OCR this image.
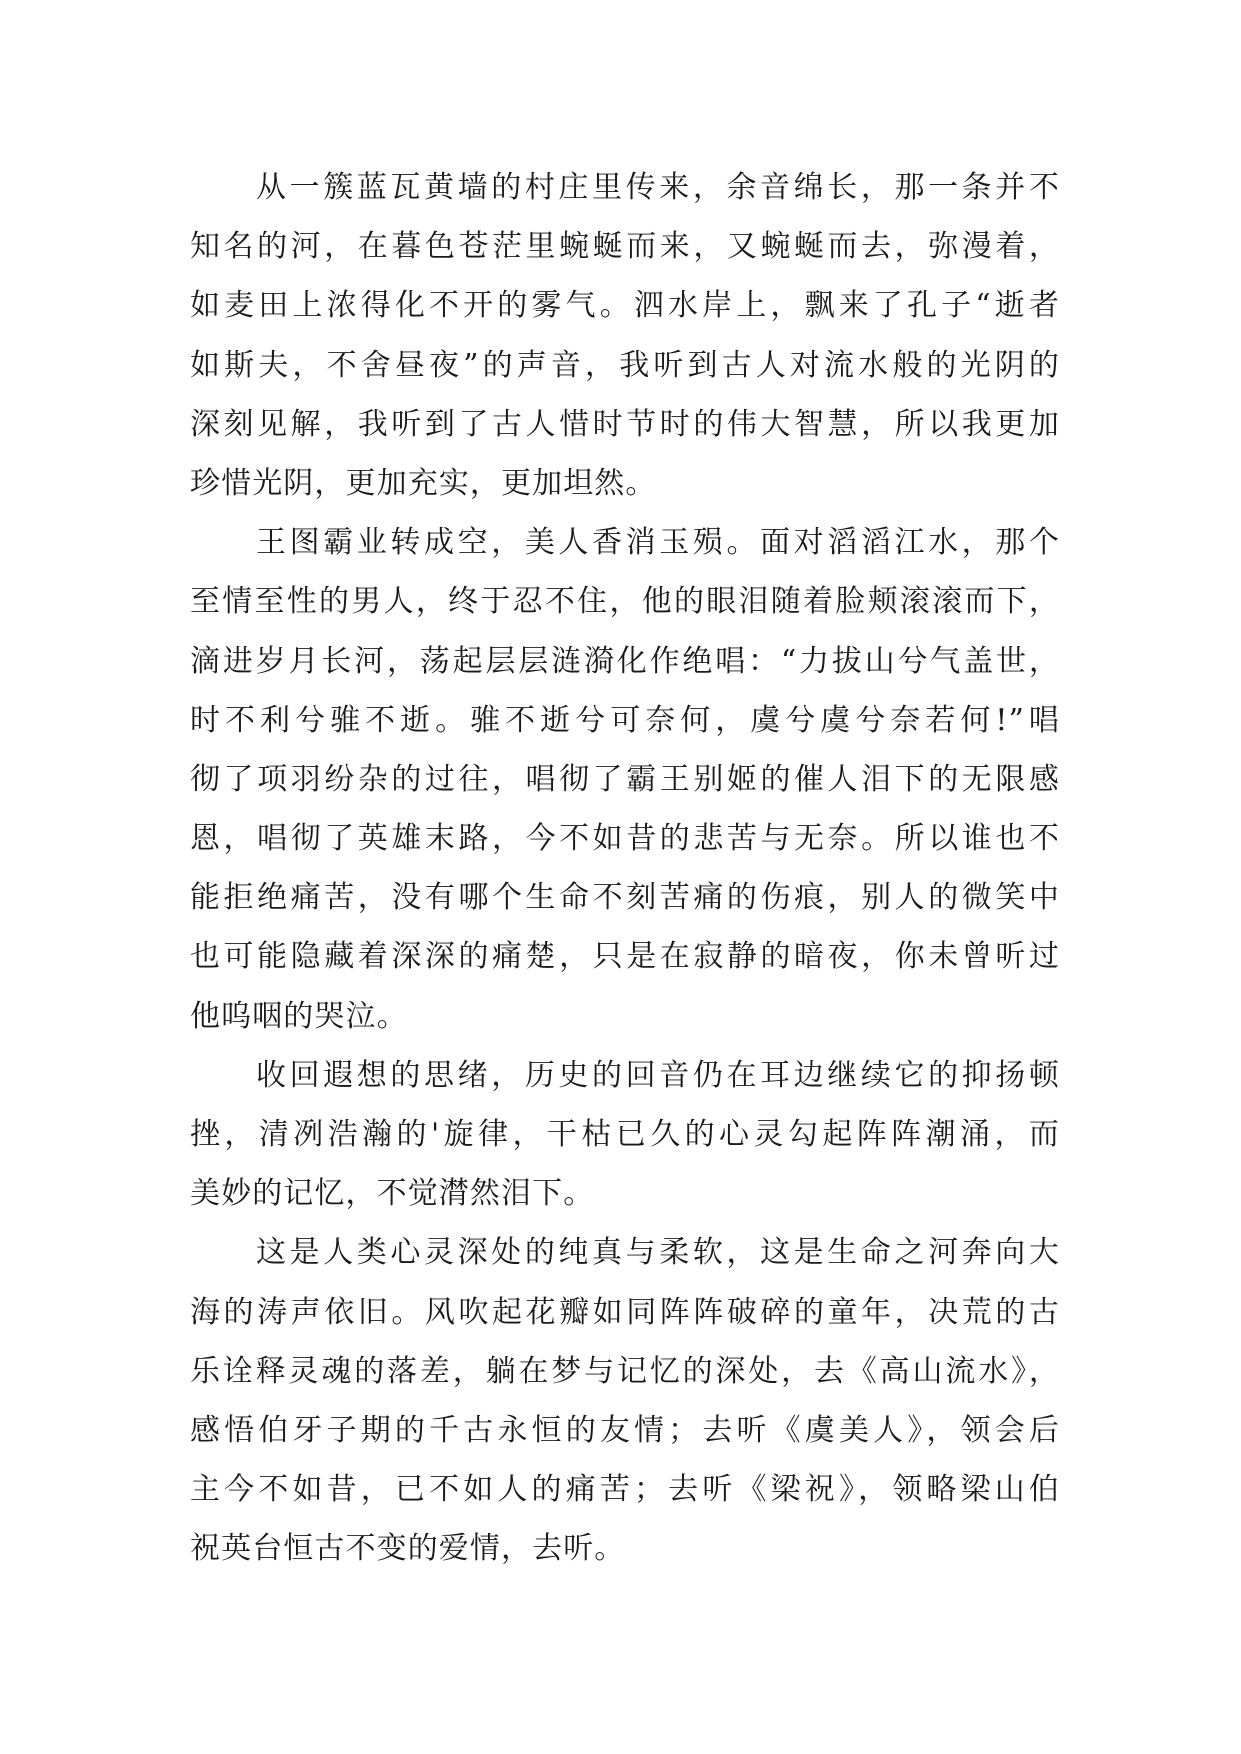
从一簇蓝瓦黄墙的村庄里传来，余音绵长，那一条并不
知名的河，在暮色苍茫里蜿蜒而来，又蜿蜒而去，弥漫着，
如麦田上浓得化不开的雾气。泗水岸上，飘来了孔子“逝者
如斯夫，不舍昼夜”的声音，我听到古人对流水般的光阴的
深刻见解，我听到了古人惜时节时的伟大智慧，所以我更加
珍惜光阴，更加充实，更加坦然。
王图霸业转成空，美人香消玉殒。面对滔滔江水，那个
至情至性的男人，终于忍不住，他的眼泪随着脸颊滚滚而下，
滴进岁月长河，荡起层层涟漪化作绝唱：“力拔山兮气盖世，
时不利兮骓不逝。骓不逝兮可奈何，虞兮虞兮奈若何!”唱
彻了项羽纷杂的过往，唱彻了霸王别姬的催人泪下的无限感
恩，唱彻了英雄末路，今不如昔的悲苦与无奈。所以谁也不
能拒绝痛苦，没有哪个生命不刻苦痛的伤痕，别人的微笑中
也可能隐藏着深深的痛楚，只是在寂静的暗夜，你未曾听过
他呜咽的哭泣。
收回遐想的思绪，历史的回音仍在耳边继续它的抑扬顿
挫，清冽浩瀚的'旋律，干枯已久的心灵勾起阵阵潮涌，而
美妙的记忆，不觉潸然泪下。
这是人类心灵深处的纯真与柔软，这是生命之河奔向大
海的涛声依旧。风吹起花瓣如同阵阵破碎的童年，决荒的古
乐诠释灵魂的落差，躺在梦与记忆的深处，去《高山流水》，
感悟伯牙子期的千古永恒的友情；去听《虞美人》，领会后
主今不如昔，已不如人的痛苦；去听《梁祝》，领略梁山伯
祝英台恒古不变的爱情，去听。
